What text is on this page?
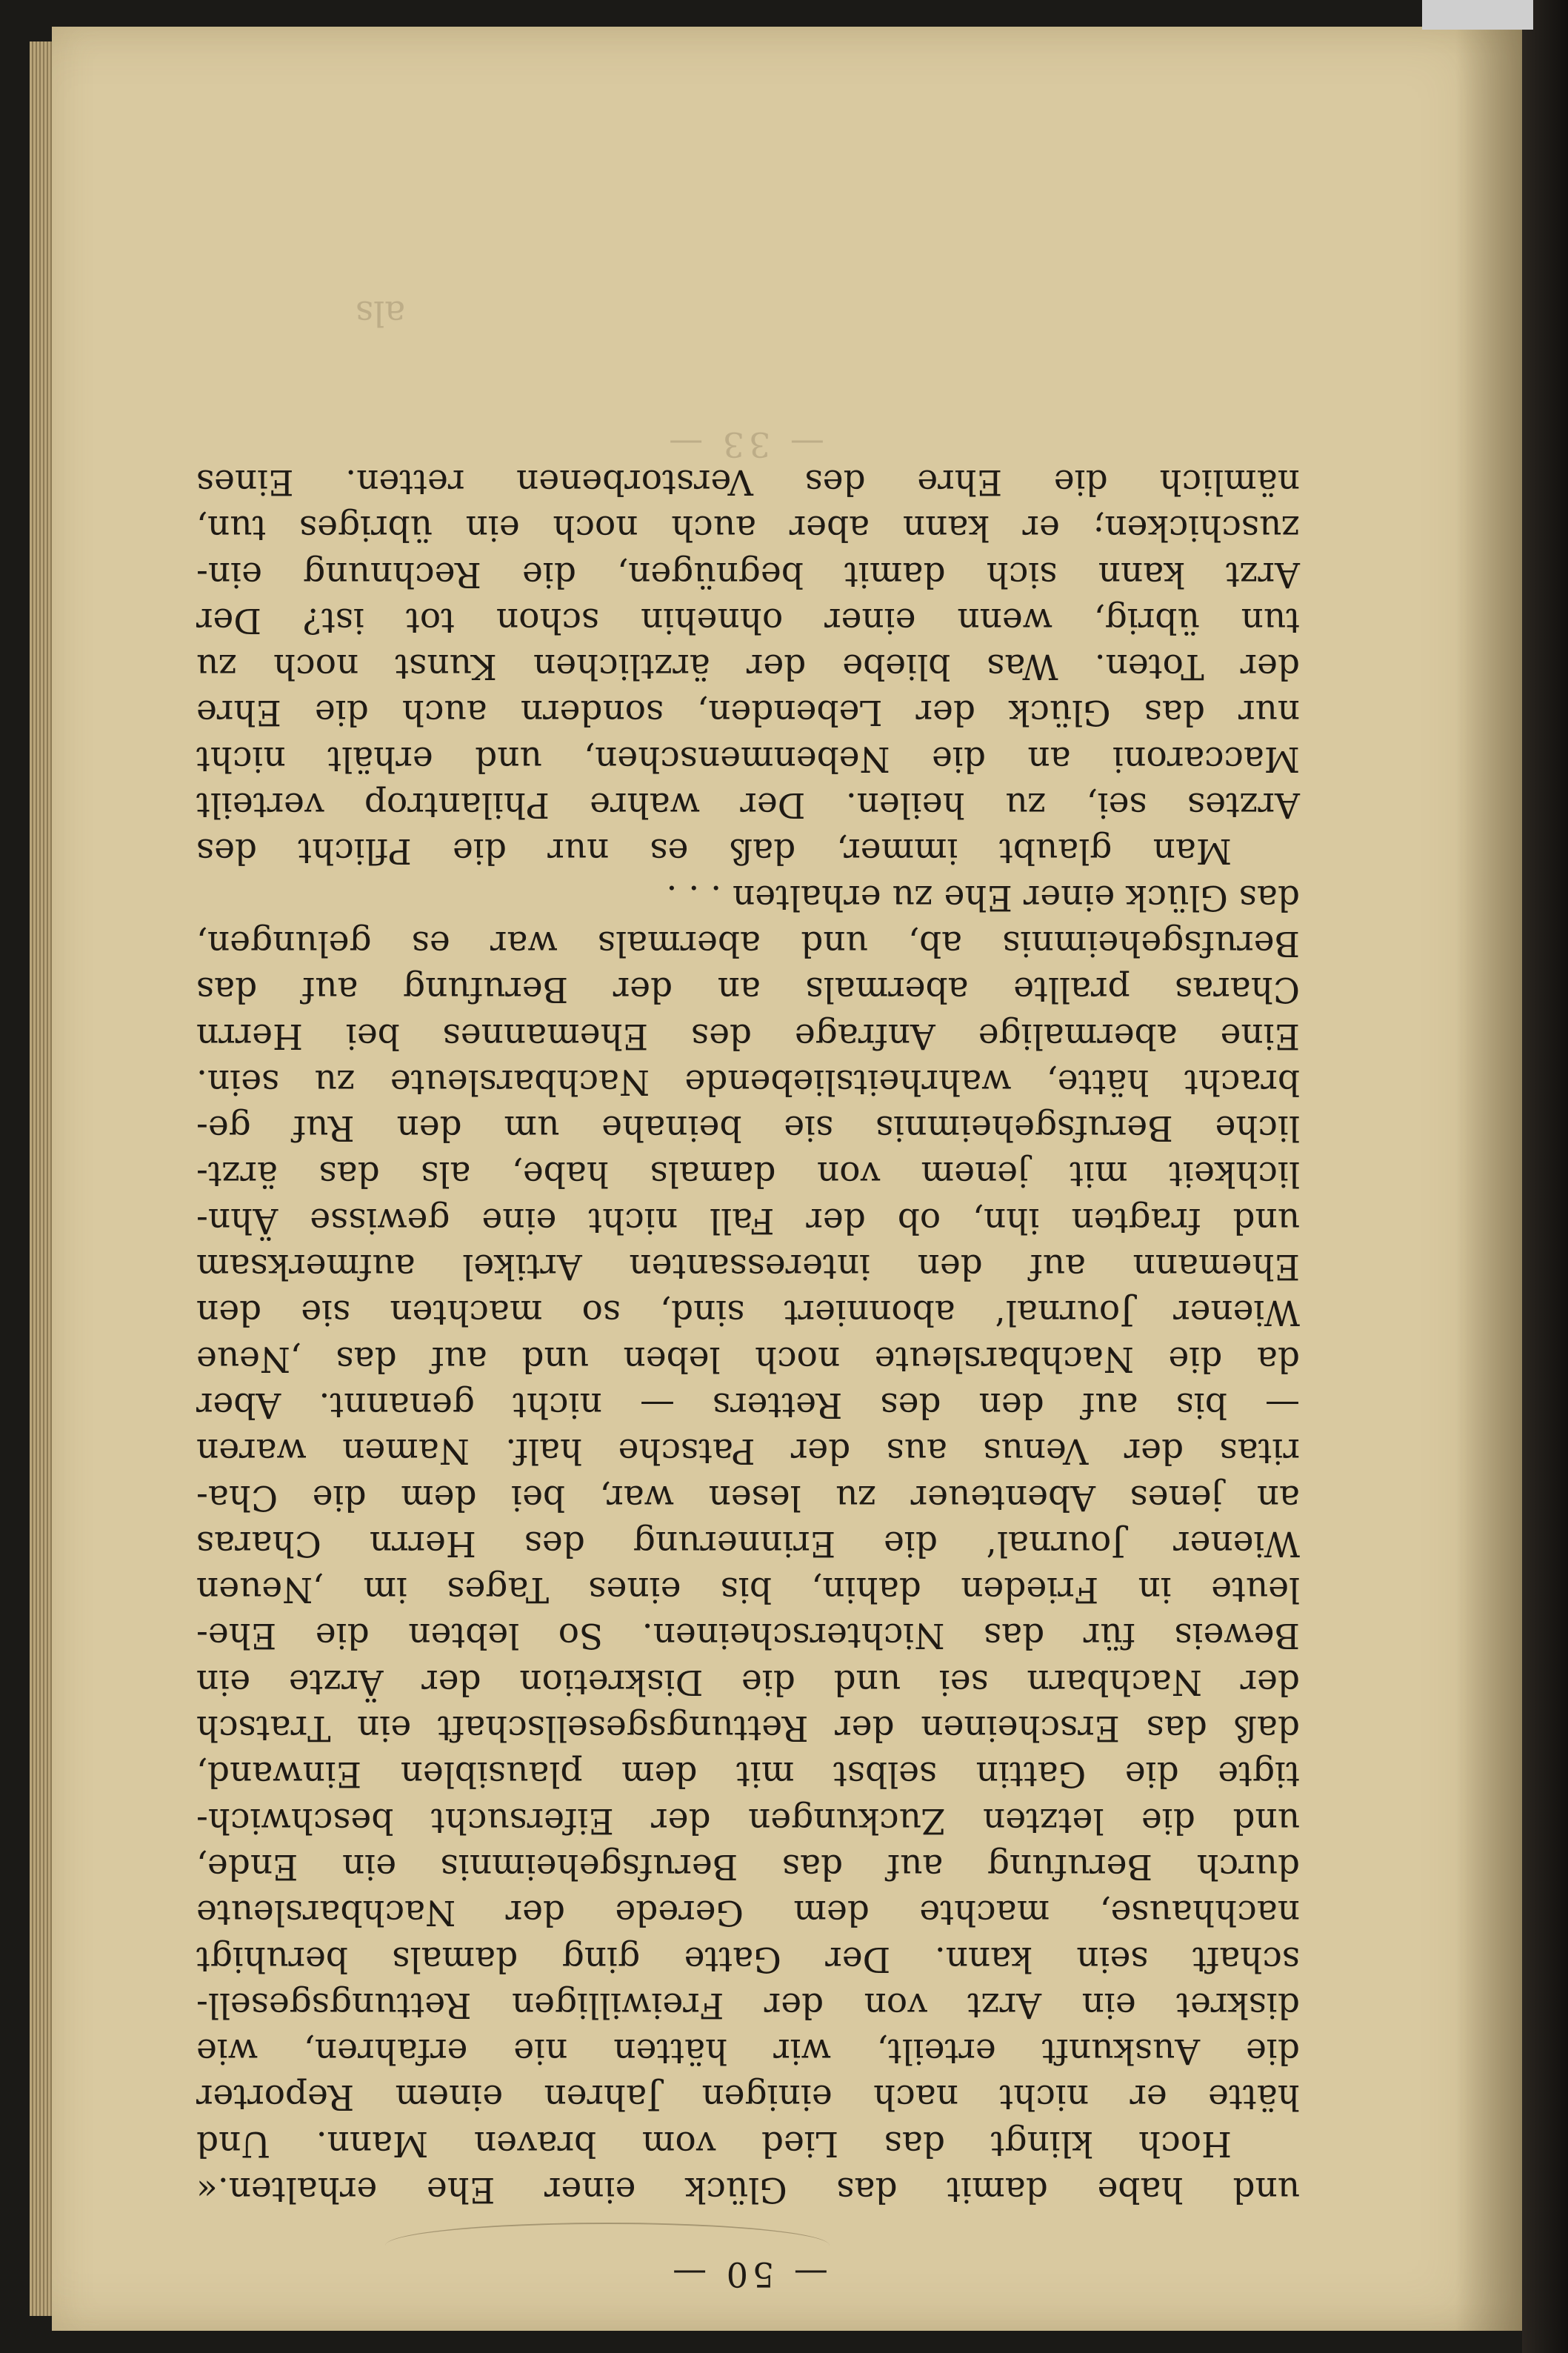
— 33 —
als
— 50 —
und habe damit das Glück einer Ehe erhalten.«
Hoch klingt das Lied vom braven Mann. Und
hätte er nicht nach einigen Jahren einem Reporter
die Auskunft erteilt, wir hätten nie erfahren, wie
diskret ein Arzt von der Freiwilligen Rettungsgesell-
schaft sein kann. Der Gatte ging damals beruhigt
nachhause, machte dem Gerede der Nachbarsleute
durch Berufung auf das Berufsgeheimnis ein Ende,
und die letzten Zuckungen der Eifersucht beschwich-
tigte die Gattin selbst mit dem plausiblen Einwand,
daß das Erscheinen der Rettungsgesellschaft ein Tratsch
der Nachbarn sei und die Diskretion der Ärzte ein
Beweis für das Nichterscheinen. So lebten die Ehe-
leute in Frieden dahin, bis eines Tages im ‚Neuen
Wiener Journal‘ die Erinnerung des Herrn Charas
an jenes Abenteuer zu lesen war, bei dem die Cha-
ritas der Venus aus der Patsche half. Namen waren
— bis auf den des Retters — nicht genannt. Aber
da die Nachbarsleute noch leben und auf das ‚Neue
Wiener Journal‘ abonniert sind, so machten sie den
Ehemann auf den interessanten Artikel aufmerksam
und fragten ihn, ob der Fall nicht eine gewisse Ähn-
lichkeit mit jenem von damals habe, als das ärzt-
liche Berufsgeheimnis sie beinahe um den Ruf ge-
bracht hätte, wahrheitsliebende Nachbarsleute zu sein.
Eine abermalige Anfrage des Ehemannes bei Herrn
Charas prallte abermals an der Berufung auf das
Berufsgeheimnis ab, und abermals war es gelungen,
das Glück einer Ehe zu erhalten . . .
Man glaubt immer, daß es nur die Pflicht des
Arztes sei, zu heilen. Der wahre Philantrop verteilt
Maccaroni an die Nebenmenschen, und erhält nicht
nur das Glück der Lebenden, sondern auch die Ehre
der Toten. Was bliebe der ärztlichen Kunst noch zu
tun übrig, wenn einer ohnehin schon tot ist? Der
Arzt kann sich damit begnügen, die Rechnung ein-
zuschicken; er kann aber auch noch ein übriges tun,
nämlich die Ehre des Verstorbenen retten. Eines
